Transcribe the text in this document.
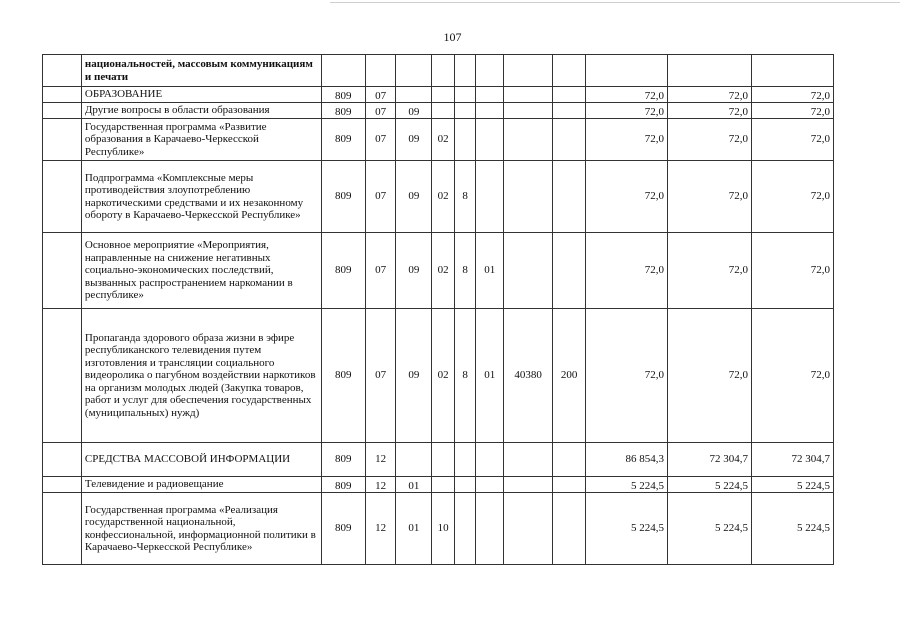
107
	национальностей, массовым коммуникациям и печати											
	ОБРАЗОВАНИЕ	809	07							72,0	72,0	72,0
	Другие вопросы в области образования	809	07	09						72,0	72,0	72,0
	Государственная программа «Развитие образования в Карачаево-Черкесской Республике»	809	07	09	02					72,0	72,0	72,0
	Подпрограмма «Комплексные меры противодействия злоупотреблению наркотическими средствами и их незаконному обороту в Карачаево-Черкесской Республике»	809	07	09	02	8				72,0	72,0	72,0
	Основное мероприятие «Мероприятия, направленные на снижение негативных социально-экономических последствий, вызванных распространением наркомании в республике»	809	07	09	02	8	01			72,0	72,0	72,0
	Пропаганда здорового образа жизни в эфире республиканского телевидения путем изготовления и трансляции социального видеоролика о пагубном воздействии наркотиков на организм молодых людей (Закупка товаров, работ и услуг для обеспечения государственных (муниципальных) нужд)	809	07	09	02	8	01	40380	200	72,0	72,0	72,0
	СРЕДСТВА МАССОВОЙ ИНФОРМАЦИИ	809	12							86 854,3	72 304,7	72 304,7
	Телевидение и радиовещание	809	12	01						5 224,5	5 224,5	5 224,5
	Государственная программа «Реализация государственной национальной, конфессиональной, информационной политики в Карачаево-Черкесской Республике»	809	12	01	10					5 224,5	5 224,5	5 224,5
